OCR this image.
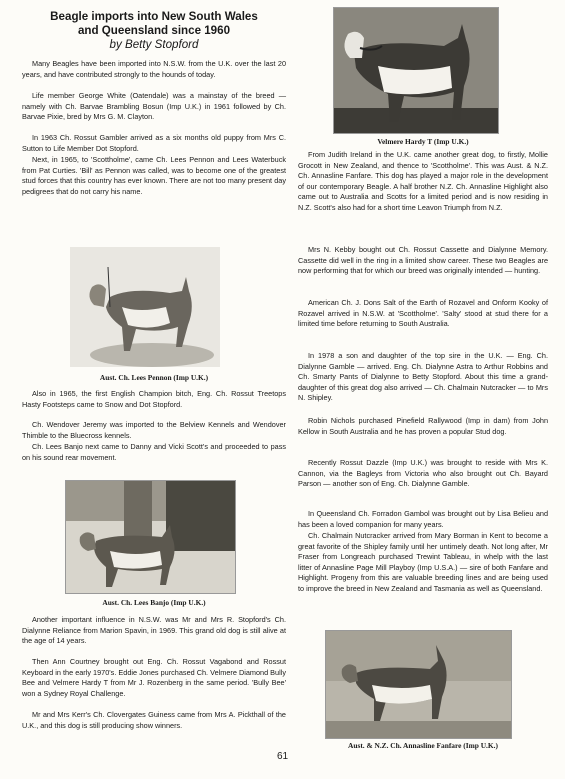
Beagle imports into New South Wales
and Queensland since 1960
by Betty Stopford

Many Beagles have been imported into N.S.W. from the U.K. over the last 20 years, and have contributed strongly to the hounds of today.

Life member George White (Oatendale) was a mainstay of the breed — namely with Ch. Barvae Brambling Bosun (Imp U.K.) in 1961 followed by Ch. Barvae Pixie, bred by Mrs G. M. Clayton.

In 1963 Ch. Rossut Gambler arrived as a six months old puppy from Mrs C. Sutton to Life Member Dot Stopford.

Next, in 1965, to 'Scottholme', came Ch. Lees Pennon and Lees Waterbuck from Pat Curties. 'Bill' as Pennon was called, was to become one of the greatest stud forces that this country has ever known. There are not too many present day pedigrees that do not carry his name.

Aust. Ch. Lees Pennon (Imp U.K.)

Also in 1965, the first English Champion bitch, Eng. Ch. Rossut Treetops Hasty Footsteps came to Snow and Dot Stopford.

Ch. Wendover Jeremy was imported to the Belview Kennels and Wendover Thimble to the Bluecross kennels.

Ch. Lees Banjo next came to Danny and Vicki Scott's and proceeded to pass on his sound rear movement.

Aust. Ch. Lees Banjo (Imp U.K.)

Another important influence in N.S.W. was Mr and Mrs R. Stopford's Ch. Dialynne Reliance from Marion Spavin, in 1969. This grand old dog is still alive at the age of 14 years.

Then Ann Courtney brought out Eng. Ch. Rossut Vagabond and Rossut Keyboard in the early 1970's. Eddie Jones purchased Ch. Velmere Diamond Bully Bee and Velmere Hardy T from Mr J. Rozenberg in the same period. 'Bully Bee' won a Sydney Royal Challenge.

Mr and Mrs Kerr's Ch. Clovergates Guiness came from Mrs A. Pickthall of the U.K., and this dog is still producing show winners.

Velmere Hardy T (Imp U.K.)

From Judith Ireland in the U.K. came another great dog, to firstly, Mollie Grocott in New Zealand, and thence to 'Scottholme'. This was Aust. & N.Z. Ch. Annasline Fanfare. This dog has played a major role in the development of our contemporary Beagle. A half brother N.Z. Ch. Annasline Highlight also came out to Australia and Scotts for a limited period and is now residing in N.Z. Scott's also had for a short time Leavon Triumph from N.Z.

Mrs N. Kebby bought out Ch. Rossut Cassette and Dialynne Memory. Cassette did well in the ring in a limited show career. These two Beagles are now performing that for which our breed was originally intended — hunting.

American Ch. J. Dons Salt of the Earth of Rozavel and Onform Kooky of Rozavel arrived in N.S.W. at 'Scottholme'. 'Salty' stood at stud there for a limited time before returning to South Australia.

In 1978 a son and daughter of the top sire in the U.K. — Eng. Ch. Dialynne Gamble — arrived. Eng. Ch. Dialynne Astra to Arthur Robbins and Ch. Smarty Pants of Dialynne to Betty Stopford. About this time a grand-daughter of this great dog also arrived — Ch. Chalmain Nutcracker — to Mrs N. Shipley.

Robin Nichols purchased Pinefield Rallywood (Imp in dam) from John Kellow in South Australia and he has proven a popular Stud dog.

Recently Rossut Dazzle (Imp U.K.) was brought to reside with Mrs K. Cannon, via the Bagleys from Victoria who also brought out Ch. Bayard Parson — another son of Eng. Ch. Dialynne Gamble.

In Queensland Ch. Forradon Gambol was brought out by Lisa Belieu and has been a loved companion for many years.

Ch. Chalmain Nutcracker arrived from Mary Borman in Kent to become a great favorite of the Shipley family until her untimely death. Not long after, Mr Fraser from Longreach purchased Trewint Tableau, in whelp with the last litter of Annasline Page Mill Playboy (Imp U.S.A.) — sire of both Fanfare and Highlight. Progeny from this are valuable breeding lines and are being used to improve the breed in New Zealand and Tasmania as well as Queensland.

Aust. & N.Z. Ch. Annasline Fanfare (Imp U.K.)
61
